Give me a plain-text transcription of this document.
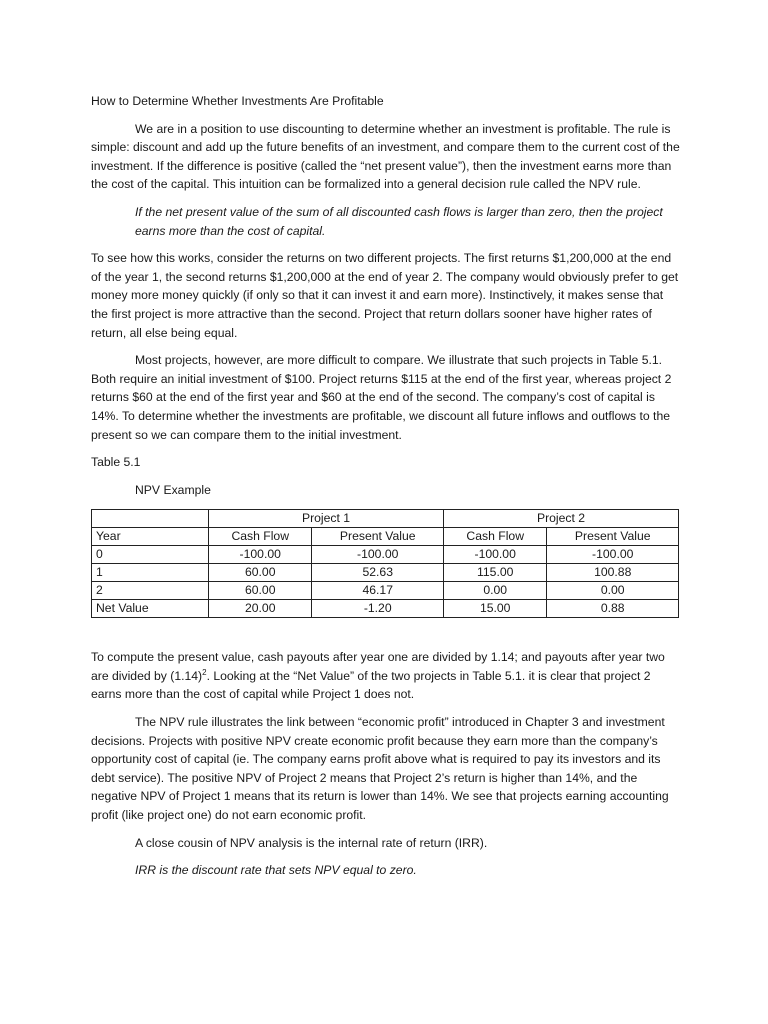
How to Determine Whether Investments Are Profitable

We are in a position to use discounting to determine whether an investment is profitable. The rule is simple: discount and add up the future benefits of an investment, and compare them to the current cost of the investment. If the difference is positive (called the “net present value”), then the investment earns more than the cost of the capital. This intuition can be formalized into a general decision rule called the NPV rule.

If the net present value of the sum of all discounted cash flows is larger than zero, then the project earns more than the cost of capital.

To see how this works, consider the returns on two different projects. The first returns $1,200,000 at the end of the year 1, the second returns $1,200,000 at the end of year 2. The company would obviously prefer to get money more money quickly (if only so that it can invest it and earn more). Instinctively, it makes sense that the first project is more attractive than the second. Project that return dollars sooner have higher rates of return, all else being equal.

Most projects, however, are more difficult to compare. We illustrate that such projects in Table 5.1. Both require an initial investment of $100. Project returns $115 at the end of the first year, whereas project 2 returns $60 at the end of the first year and $60 at the end of the second. The company’s cost of capital is 14%. To determine whether the investments are profitable, we discount all future inflows and outflows to the present so we can compare them to the initial investment.

Table 5.1

NPV Example

	Project 1		Project 2	
Year	Cash Flow	Present Value	Cash Flow	Present Value
0	-100.00	-100.00	-100.00	-100.00
1	60.00	52.63	115.00	100.88
2	60.00	46.17	0.00	0.00
Net Value	20.00	-1.20	15.00	0.88

To compute the present value, cash payouts after year one are divided by 1.14; and payouts after year two are divided by $(1.14)^2$. Looking at the “Net Value” of the two projects in Table 5.1. it is clear that project 2 earns more than the cost of capital while Project 1 does not.

The NPV rule illustrates the link between “economic profit” introduced in Chapter 3 and investment decisions. Projects with positive NPV create economic profit because they earn more than the company’s opportunity cost of capital (ie. The company earns profit above what is required to pay its investors and its debt service). The positive NPV of Project 2 means that Project 2’s return is higher than 14%, and the negative NPV of Project 1 means that its return is lower than 14%. We see that projects earning accounting profit (like project one) do not earn economic profit.

A close cousin of NPV analysis is the internal rate of return (IRR).

IRR is the discount rate that sets NPV equal to zero.
